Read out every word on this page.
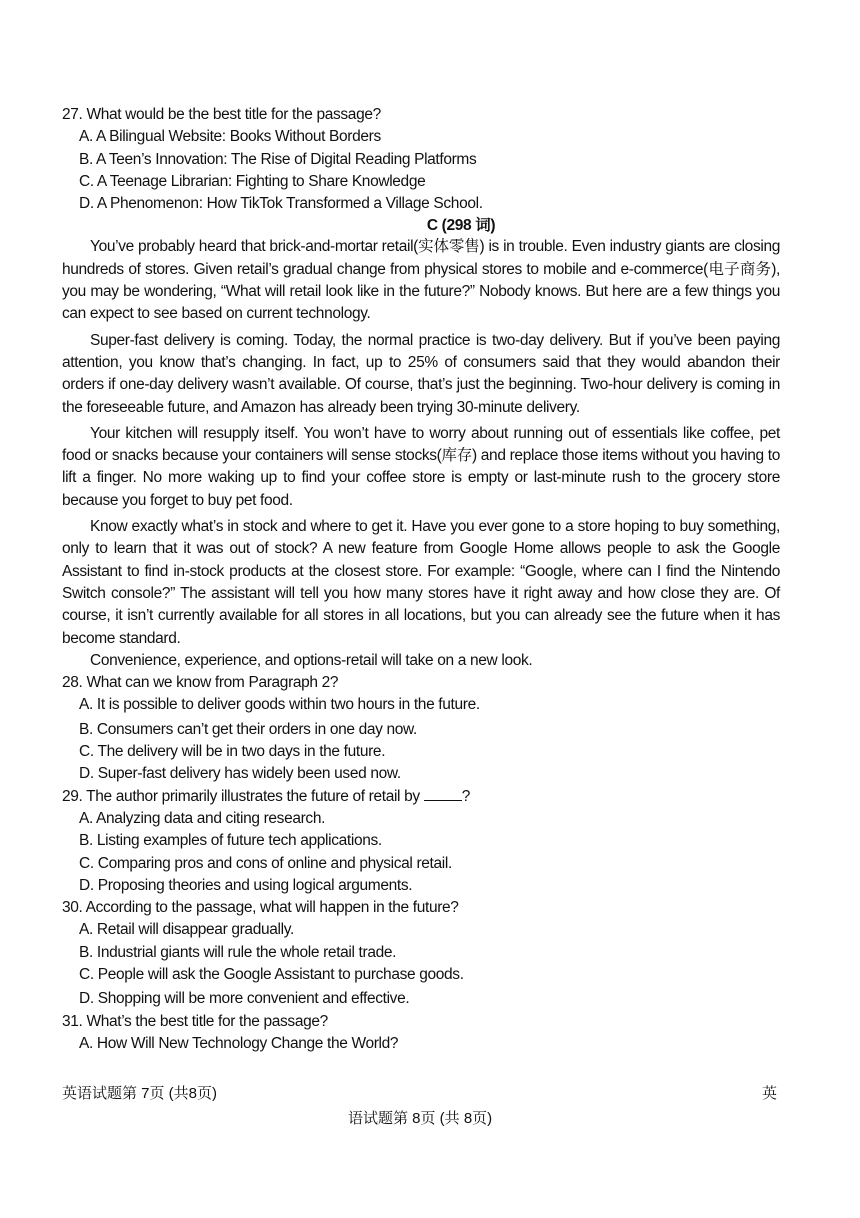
27. What would be the best title for the passage?
A. A Bilingual Website: Books Without Borders
B. A Teen’s Innovation: The Rise of Digital Reading Platforms
C. A Teenage Librarian: Fighting to Share Knowledge
D. A Phenomenon: How TikTok Transformed a Village School.
C (298 词)

You’ve probably heard that brick-and-mortar retail(实体零售) is in trouble. Even industry giants are closing hundreds of stores. Given retail’s gradual change from physical stores to mobile and e-commerce(电子商务), you may be wondering, “What will retail look like in the future?” Nobody knows. But here are a few things you can expect to see based on current technology.

Super-fast delivery is coming. Today, the normal practice is two-day delivery. But if you’ve been paying attention, you know that’s changing. In fact, up to 25% of consumers said that they would abandon their orders if one-day delivery wasn’t available. Of course, that’s just the beginning. Two-hour delivery is coming in the foreseeable future, and Amazon has already been trying 30-minute delivery.

Your kitchen will resupply itself. You won’t have to worry about running out of essentials like coffee, pet food or snacks because your containers will sense stocks(库存) and replace those items without you having to lift a finger. No more waking up to find your coffee store is empty or last-minute rush to the grocery store because you forget to buy pet food.

Know exactly what’s in stock and where to get it. Have you ever gone to a store hoping to buy something, only to learn that it was out of stock? A new feature from Google Home allows people to ask the Google Assistant to find in-stock products at the closest store. For example: “Google, where can I find the Nintendo Switch console?” The assistant will tell you how many stores have it right away and how close they are. Of course, it isn’t currently available for all stores in all locations, but you can already see the future when it has become standard.

Convenience, experience, and options-retail will take on a new look.

28. What can we know from Paragraph 2?
A. It is possible to deliver goods within two hours in the future.
B. Consumers can’t get their orders in one day now.
C. The delivery will be in two days in the future.
D. Super-fast delivery has widely been used now.
29. The author primarily illustrates the future of retail by ?
A. Analyzing data and citing research.
B. Listing examples of future tech applications.
C. Comparing pros and cons of online and physical retail.
D. Proposing theories and using logical arguments.
30. According to the passage, what will happen in the future?
A. Retail will disappear gradually.
B. Industrial giants will rule the whole retail trade.
C. People will ask the Google Assistant to purchase goods.
D. Shopping will be more convenient and effective.
31. What’s the best title for the passage?
A. How Will New Technology Change the World?
英语试题第 7页 (共8页)	英
语试题第 8页 (共 8页)
